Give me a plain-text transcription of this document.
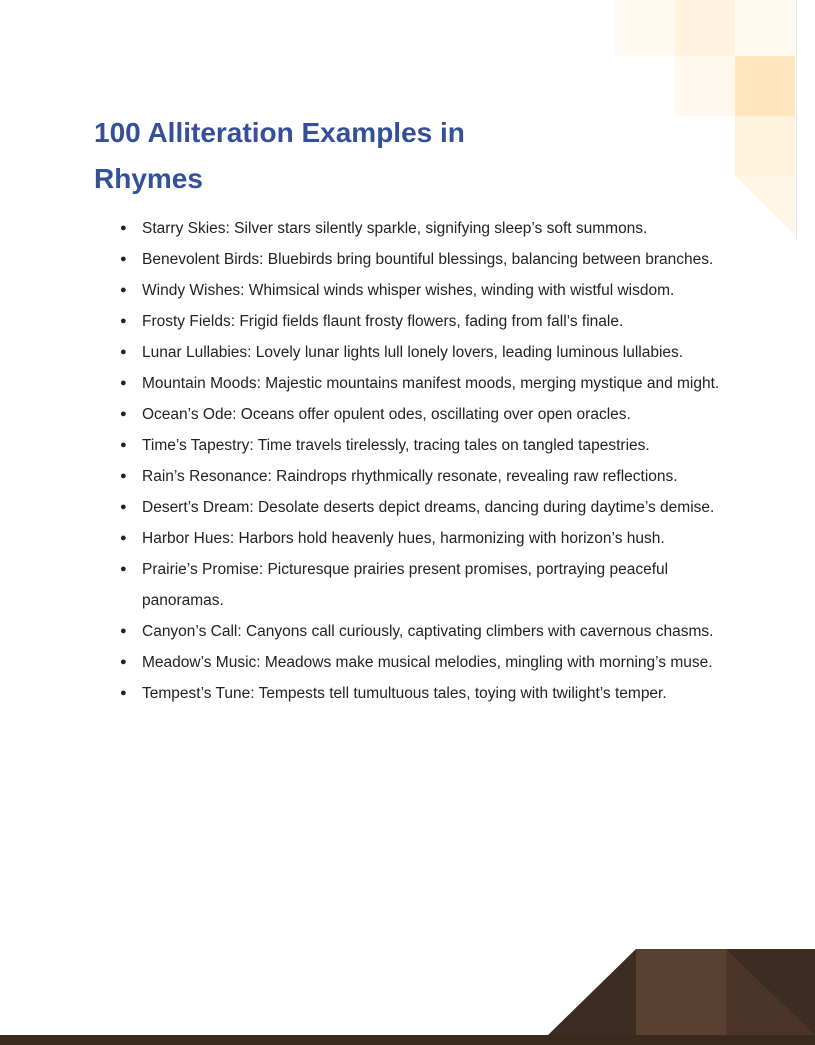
100 Alliteration Examples in Rhymes
● Starry Skies: Silver stars silently sparkle, signifying sleep’s soft summons.
● Benevolent Birds: Bluebirds bring bountiful blessings, balancing between branches.
● Windy Wishes: Whimsical winds whisper wishes, winding with wistful wisdom.
● Frosty Fields: Frigid fields flaunt frosty flowers, fading from fall’s finale.
● Lunar Lullabies: Lovely lunar lights lull lonely lovers, leading luminous lullabies.
● Mountain Moods: Majestic mountains manifest moods, merging mystique and might.
● Ocean’s Ode: Oceans offer opulent odes, oscillating over open oracles.
● Time’s Tapestry: Time travels tirelessly, tracing tales on tangled tapestries.
● Rain’s Resonance: Raindrops rhythmically resonate, revealing raw reflections.
● Desert’s Dream: Desolate deserts depict dreams, dancing during daytime’s demise.
● Harbor Hues: Harbors hold heavenly hues, harmonizing with horizon’s hush.
● Prairie’s Promise: Picturesque prairies present promises, portraying peaceful panoramas.
● Canyon’s Call: Canyons call curiously, captivating climbers with cavernous chasms.
● Meadow’s Music: Meadows make musical melodies, mingling with morning’s muse.
● Tempest’s Tune: Tempests tell tumultuous tales, toying with twilight’s temper.
